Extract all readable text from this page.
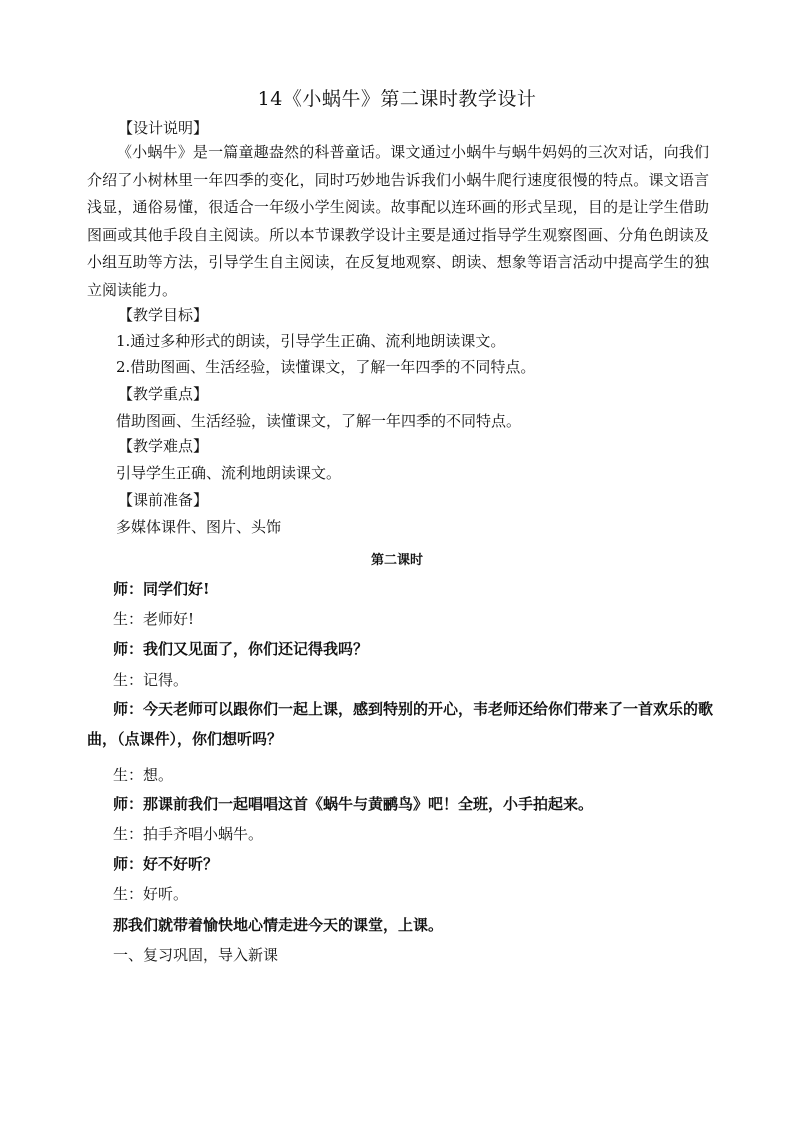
14《小蜗牛》第二课时教学设计

【设计说明】

《小蜗牛》是一篇童趣盎然的科普童话。课文通过小蜗牛与蜗牛妈妈的三次对话，向我们介绍了小树林里一年四季的变化，同时巧妙地告诉我们小蜗牛爬行速度很慢的特点。课文语言浅显，通俗易懂，很适合一年级小学生阅读。故事配以连环画的形式呈现，目的是让学生借助图画或其他手段自主阅读。所以本节课教学设计主要是通过指导学生观察图画、分角色朗读及小组互助等方法，引导学生自主阅读，在反复地观察、朗读、想象等语言活动中提高学生的独立阅读能力。

【教学目标】

1.通过多种形式的朗读，引导学生正确、流利地朗读课文。

2.借助图画、生活经验，读懂课文，了解一年四季的不同特点。

【教学重点】

借助图画、生活经验，读懂课文，了解一年四季的不同特点。

【教学难点】

引导学生正确、流利地朗读课文。

【课前准备】

多媒体课件、图片、头饰

第二课时

师：同学们好!

生：老师好!

师：我们又见面了，你们还记得我吗？

生：记得。

师：今天老师可以跟你们一起上课，感到特别的开心，韦老师还给你们带来了一首欢乐的歌曲，（点课件），你们想听吗？

生：想。

师：那课前我们一起唱唱这首《蜗牛与黄鹂鸟》吧！全班，小手拍起来。

生：拍手齐唱小蜗牛。

师：好不好听？

生：好听。

那我们就带着愉快地心情走进今天的课堂，上课。

一、复习巩固，导入新课
